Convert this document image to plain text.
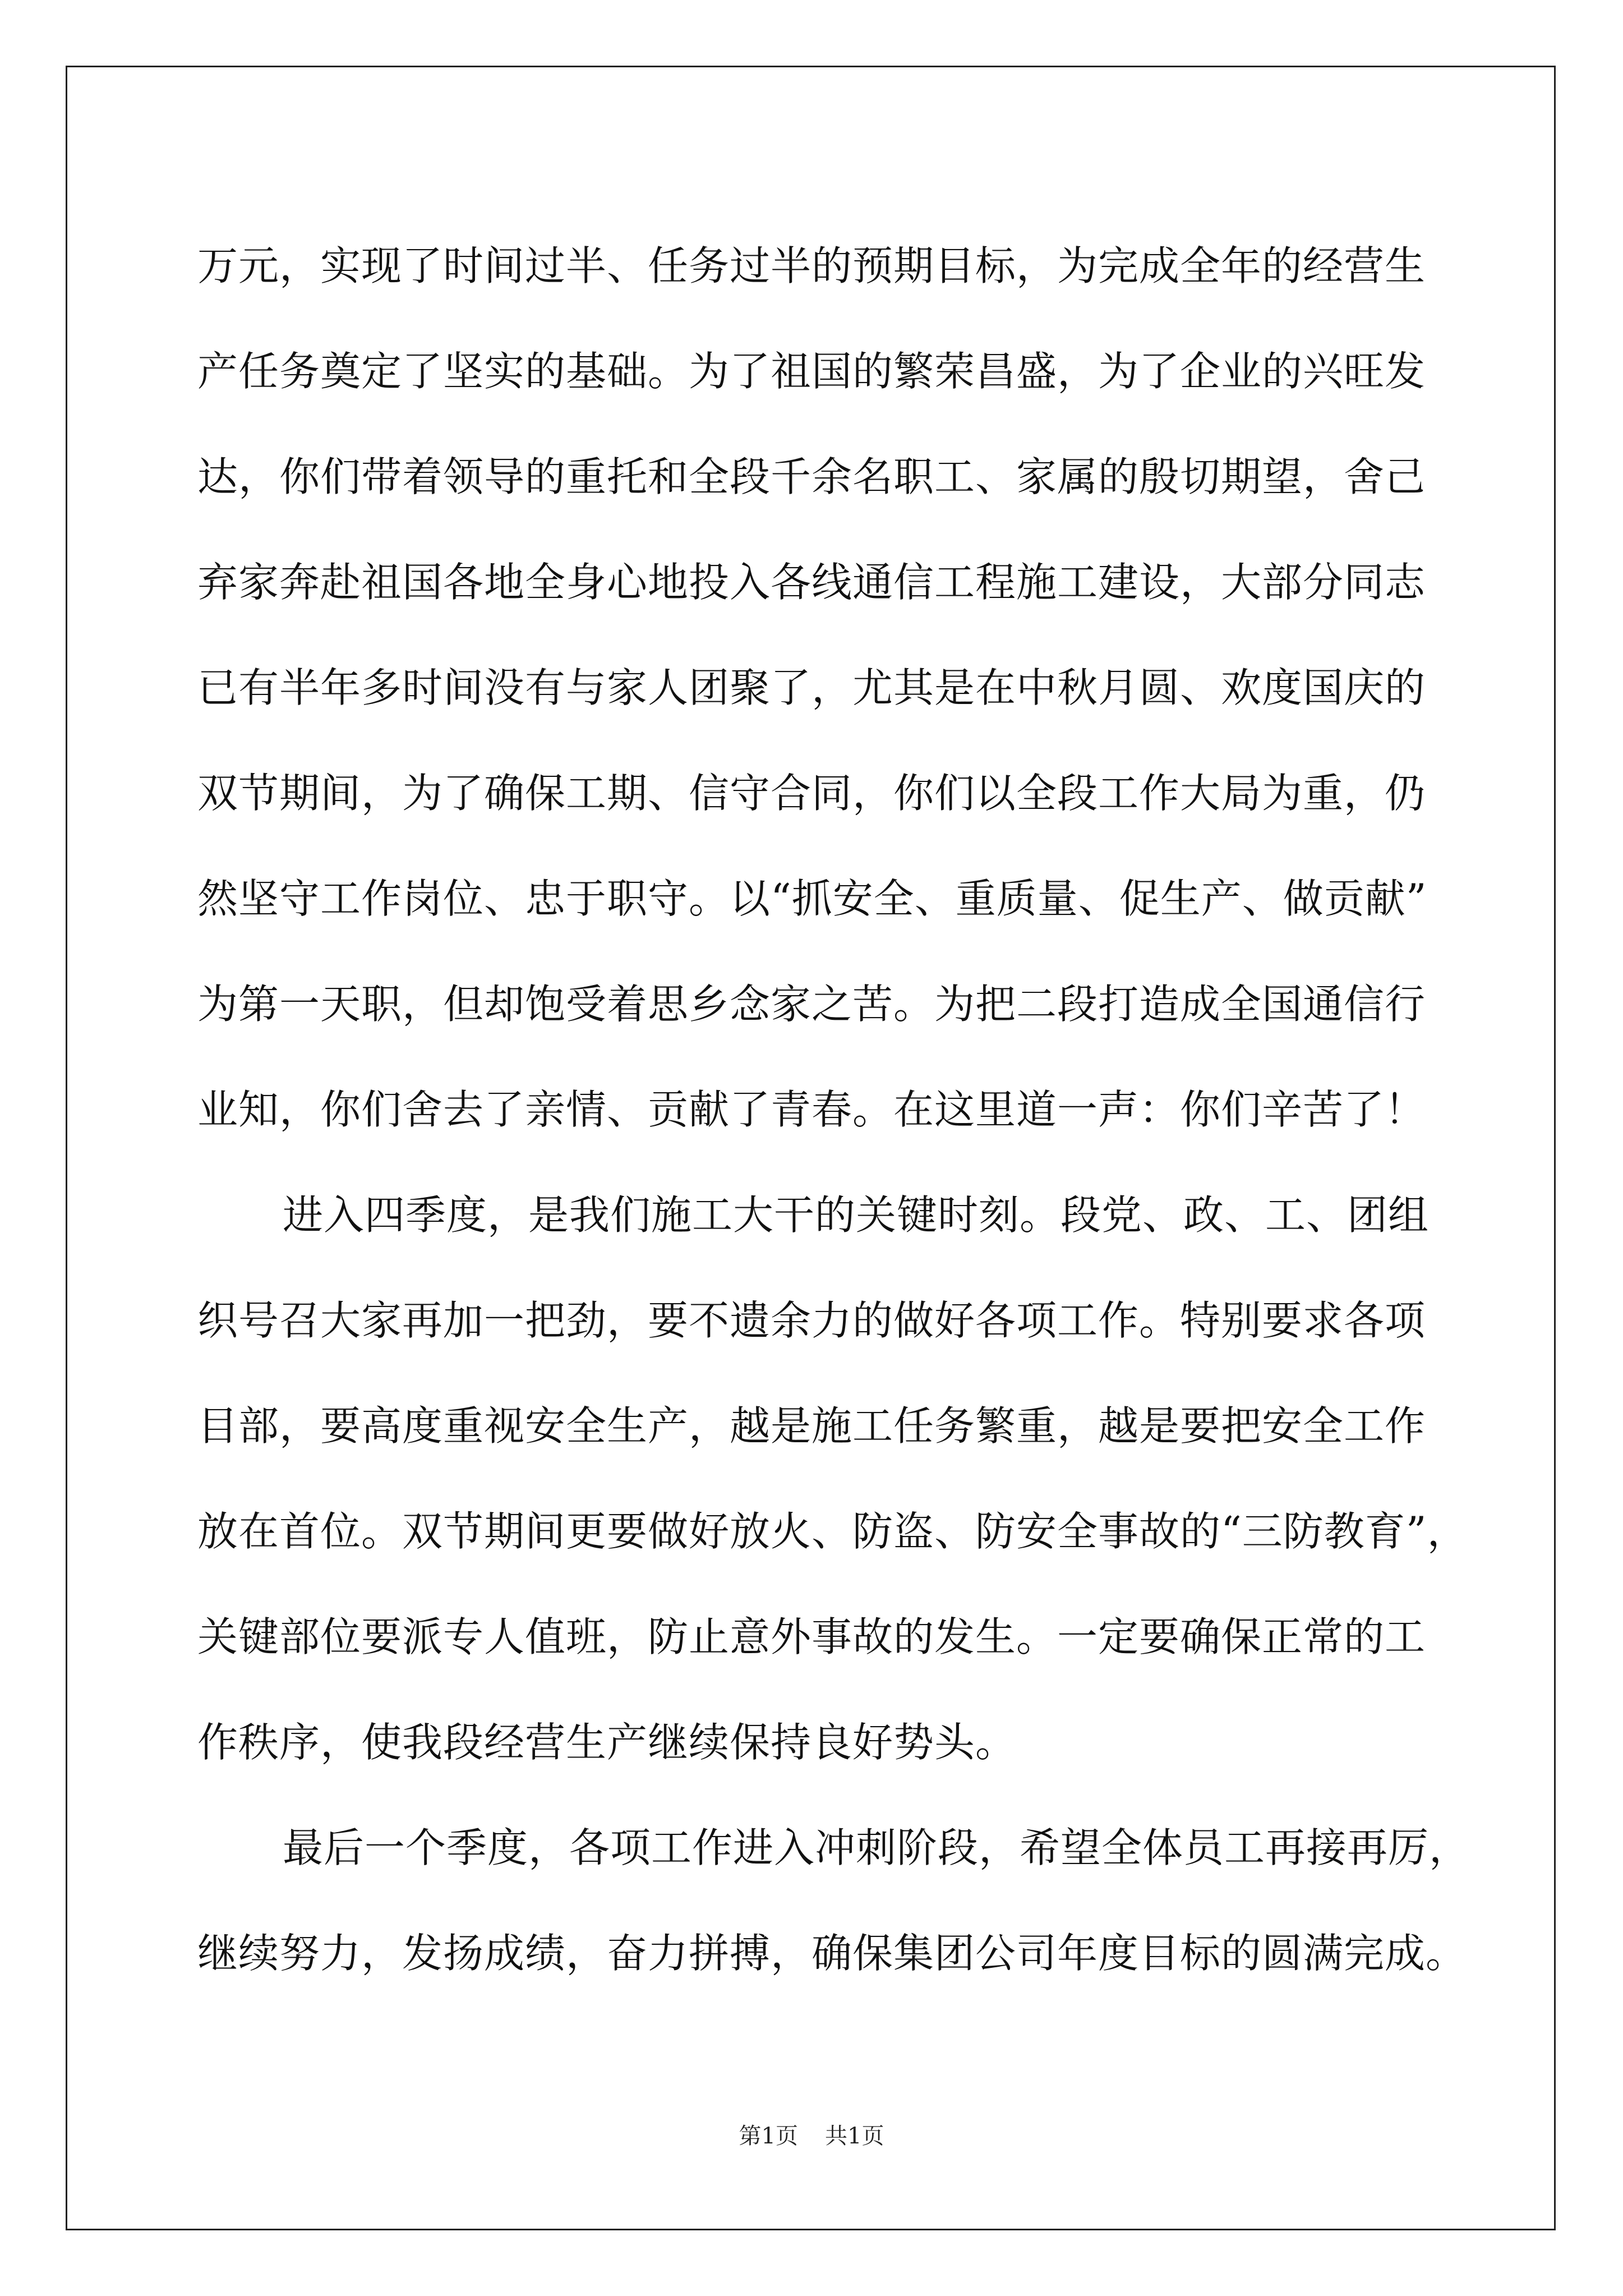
万元，实现了时间过半、任务过半的预期目标，为完成全年的经营生
产任务奠定了坚实的基础。为了祖国的繁荣昌盛，为了企业的兴旺发
达，你们带着领导的重托和全段千余名职工、家属的殷切期望，舍己
弃家奔赴祖国各地全身心地投入各线通信工程施工建设，大部分同志
已有半年多时间没有与家人团聚了，尤其是在中秋月圆、欢度国庆的
双节期间，为了确保工期、信守合同，你们以全段工作大局为重，仍
然坚守工作岗位、忠于职守。以“抓安全、重质量、促生产、做贡献”
为第一天职，但却饱受着思乡念家之苦。为把二段打造成全国通信行
业知，你们舍去了亲情、贡献了青春。在这里道一声：你们辛苦了！
进入四季度，是我们施工大干的关键时刻。段党、政、工、团组
织号召大家再加一把劲，要不遗余力的做好各项工作。特别要求各项
目部，要高度重视安全生产，越是施工任务繁重，越是要把安全工作
放在首位。双节期间更要做好放火、防盗、防安全事故的“三防教育”，
关键部位要派专人值班，防止意外事故的发生。一定要确保正常的工
作秩序，使我段经营生产继续保持良好势头。
最后一个季度，各项工作进入冲刺阶段，希望全体员工再接再厉，
继续努力，发扬成绩，奋力拼搏，确保集团公司年度目标的圆满完成。
第1页 共1页
